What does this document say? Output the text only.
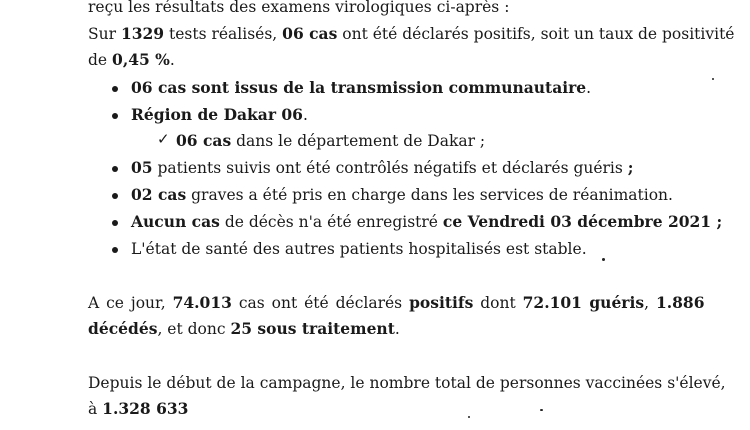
reçu les résultats des examens virologiques ci-après :
Sur 1329 tests réalisés, 06 cas ont été déclarés positifs, soit un taux de positivité
de 0,45 %.
06 cas sont issus de la transmission communautaire.
Région de Dakar 06.
✓ 06 cas dans le département de Dakar ;
05 patients suivis ont été contrôlés négatifs et déclarés guéris ;
02 cas graves a été pris en charge dans les services de réanimation.
Aucun cas de décès n'a été enregistré ce Vendredi 03 décembre 2021 ;
L'état de santé des autres patients hospitalisés est stable.
A ce jour, 74.013 cas ont été déclarés positifs dont 72.101 guéris, 1.886
décédés, et donc 25 sous traitement.
Depuis le début de la campagne, le nombre total de personnes vaccinées s'élevé,
à 1.328 633
